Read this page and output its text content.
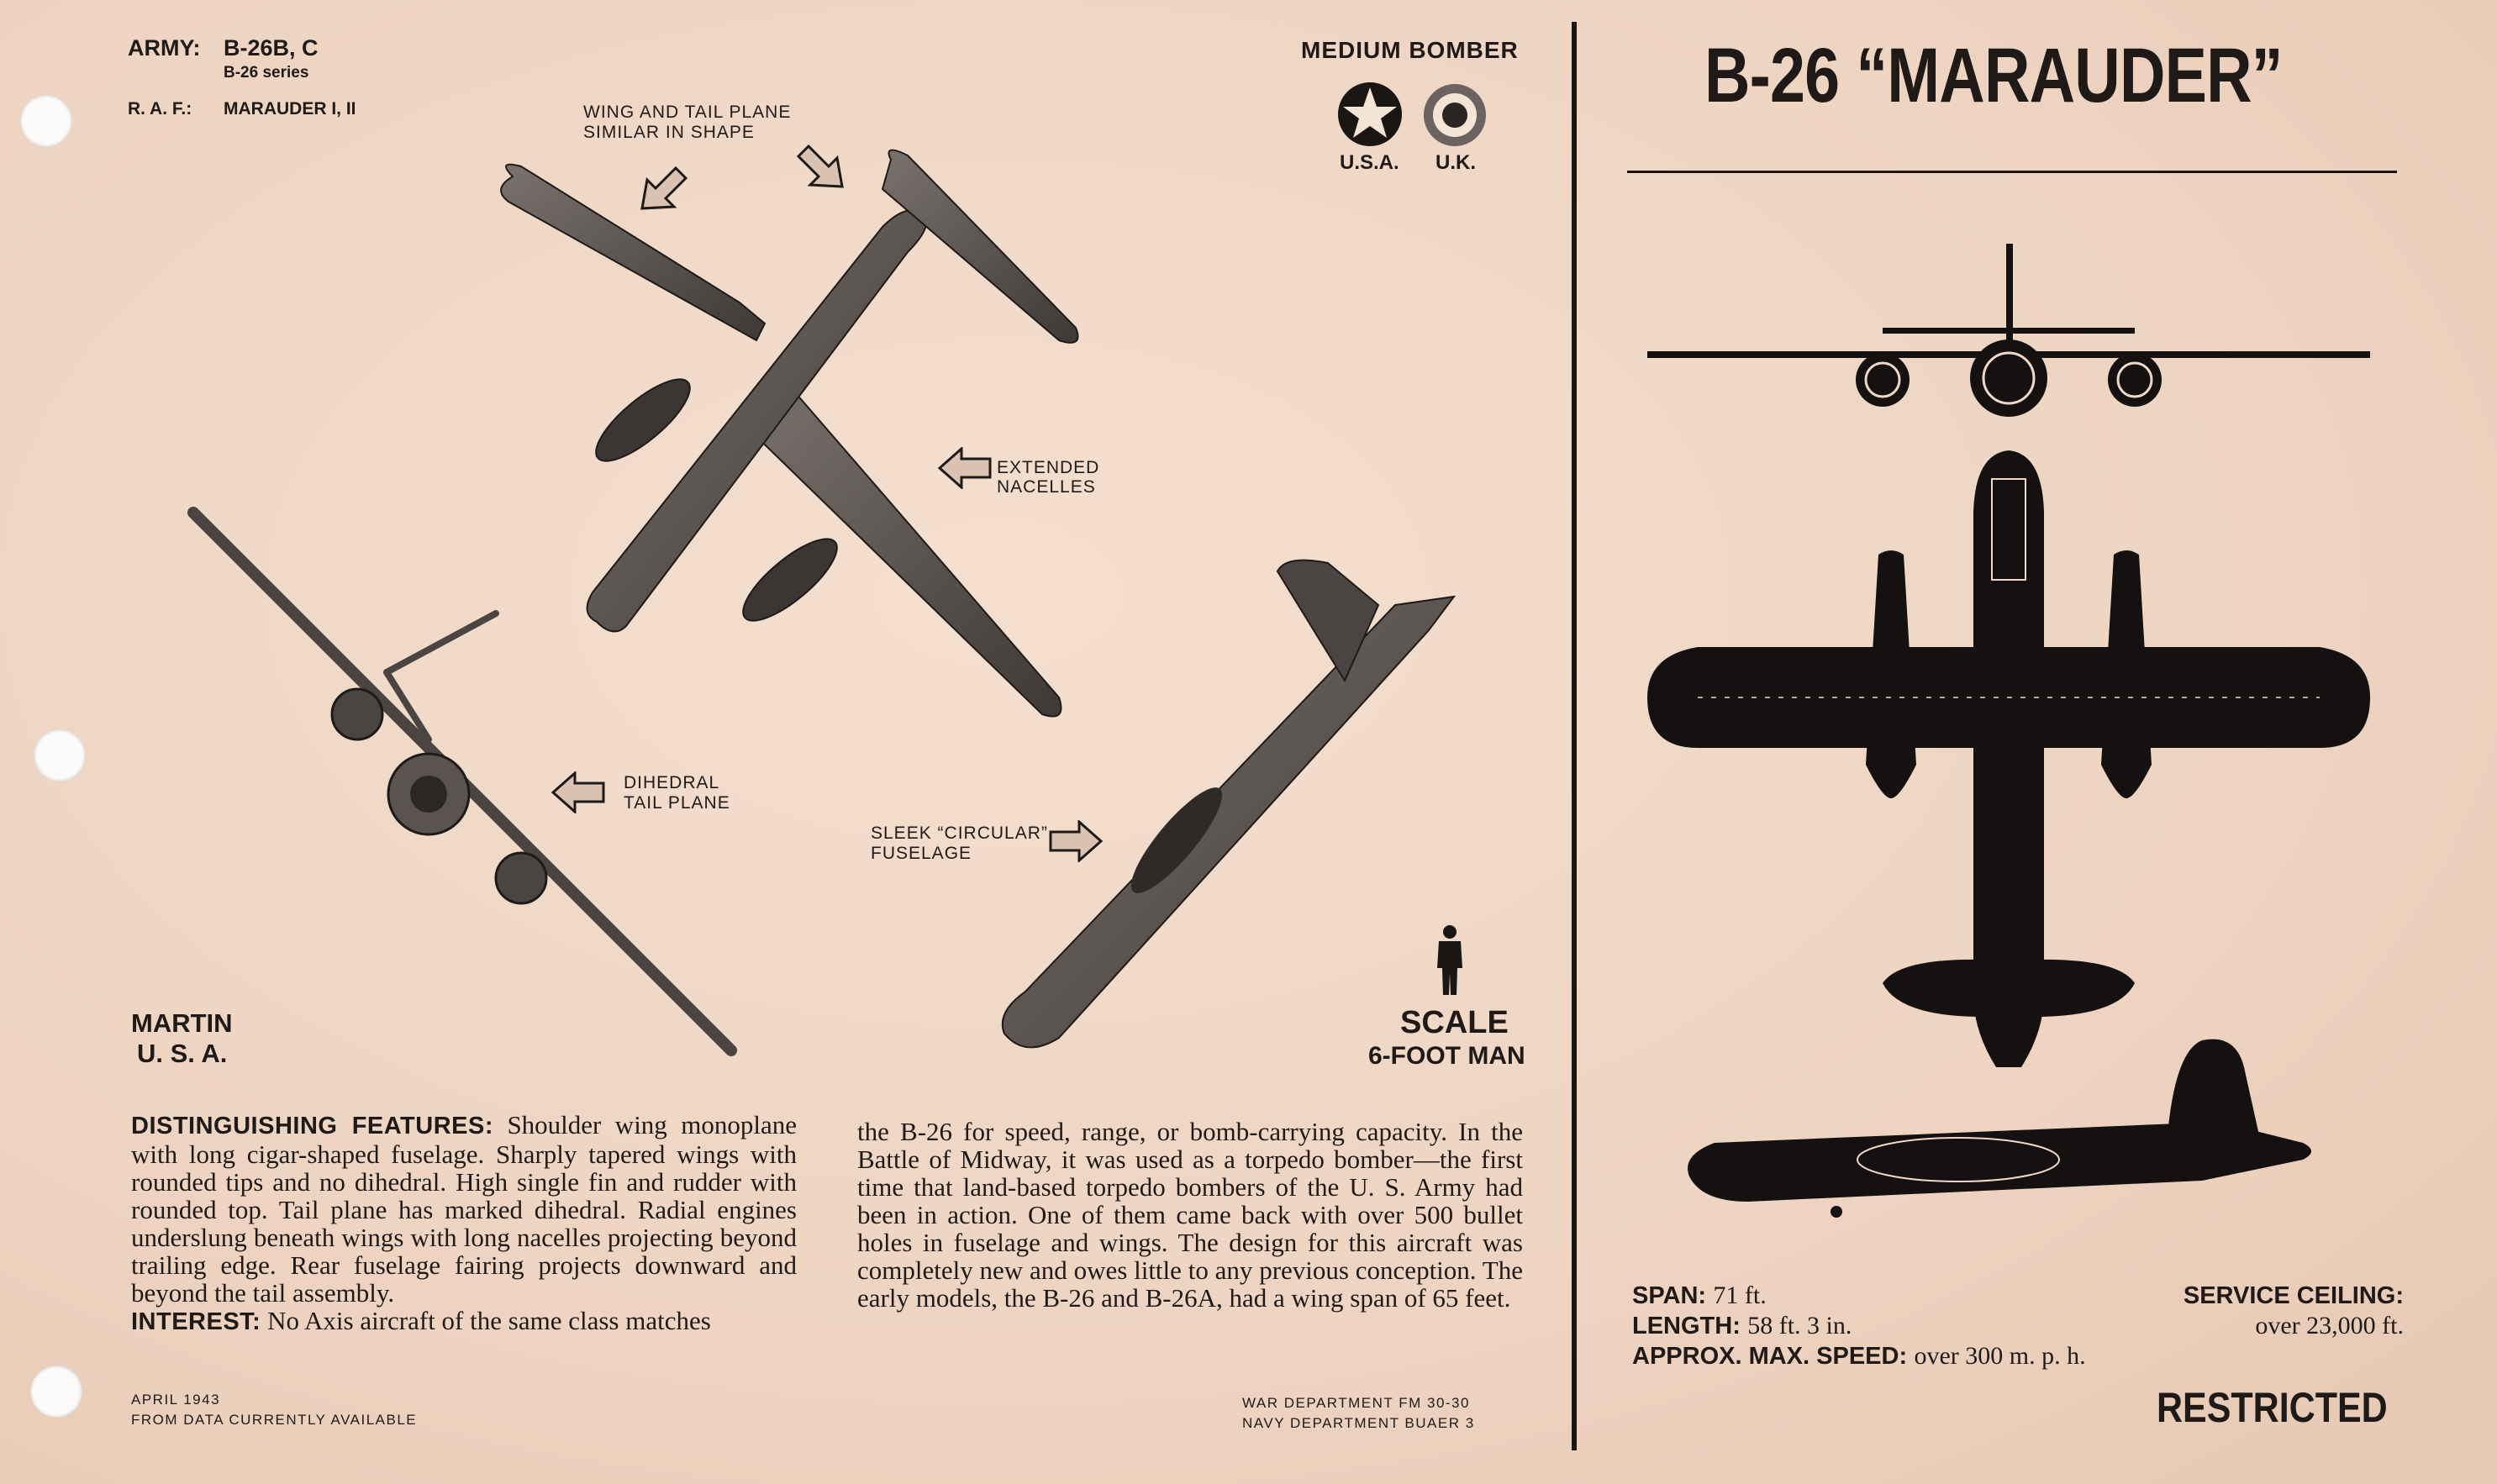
ARMY: B-26B, C
B-26 series
R. A. F.: MARAUDER I, II
MEDIUM BOMBER
U.S.A. U.K.
B-26 “MARAUDER”
WING AND TAIL PLANE
SIMILAR IN SHAPE
EXTENDED
NACELLES
DIHEDRAL
TAIL PLANE
SLEEK “CIRCULAR”
FUSELAGE
MARTIN
U. S. A.
SCALE
6-FOOT MAN
DISTINGUISHING FEATURES: Shoulder wing monoplane with long cigar-shaped fuselage. Sharply tapered wings with rounded tips and no dihedral. High single fin and rudder with rounded top. Tail plane has marked dihedral. Radial engines underslung beneath wings with long nacelles projecting beyond trailing edge. Rear fuselage fairing projects downward and beyond the tail assembly.
INTEREST: No Axis aircraft of the same class matches
the B-26 for speed, range, or bomb-carrying capacity. In the Battle of Midway, it was used as a torpedo bomber—the first time that land-based torpedo bombers of the U. S. Army had been in action. One of them came back with over 500 bullet holes in fuselage and wings. The design for this aircraft was completely new and owes little to any previous conception. The early models, the B-26 and B-26A, had a wing span of 65 feet.
APRIL 1943
FROM DATA CURRENTLY AVAILABLE
WAR DEPARTMENT FM 30-30
NAVY DEPARTMENT BUAER 3
SPAN: 71 ft.
LENGTH: 58 ft. 3 in.
APPROX. MAX. SPEED: over 300 m. p. h.
SERVICE CEILING:
over 23,000 ft.
RESTRICTED
